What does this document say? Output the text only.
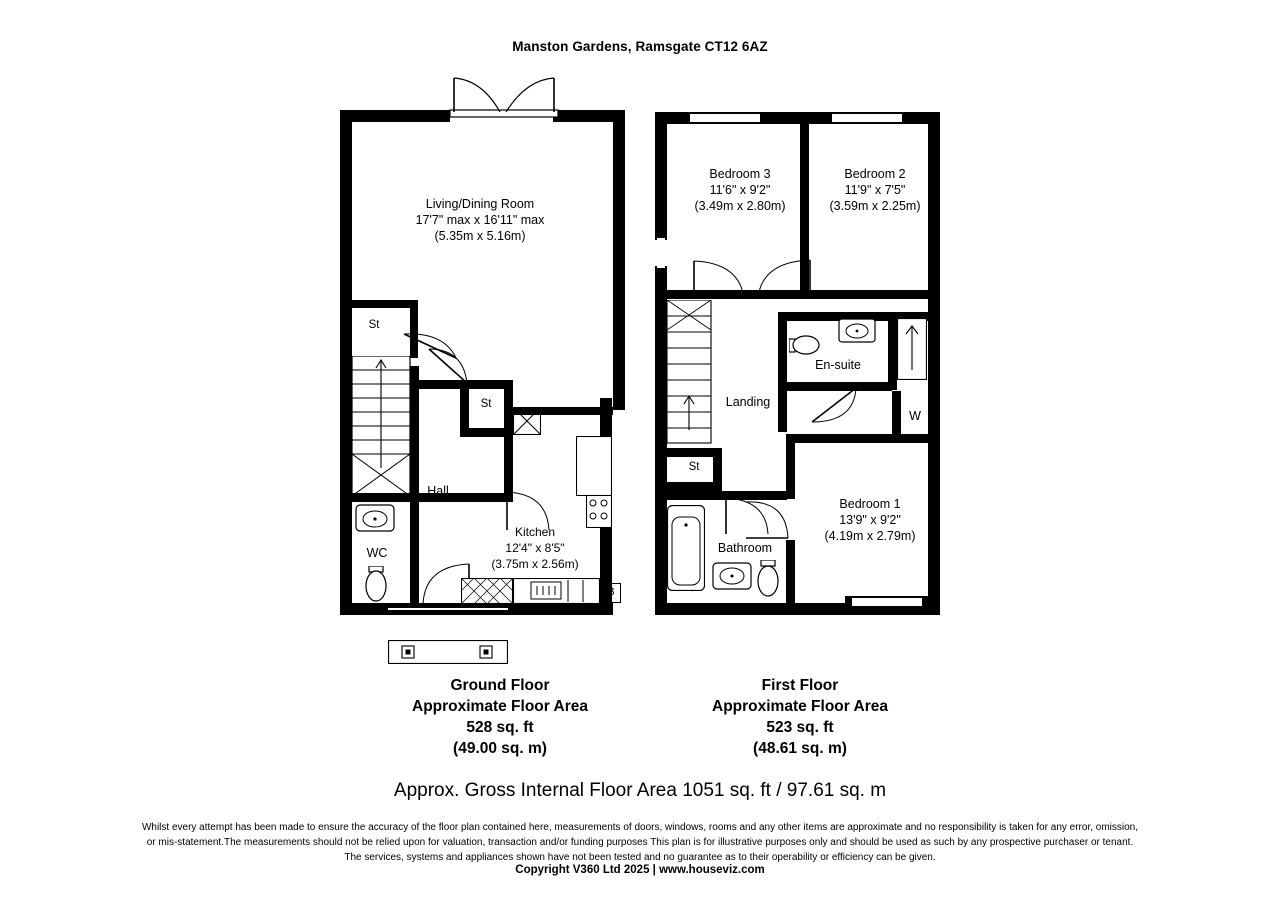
Manston Gardens, Ramsgate CT12 6AZ
Living/Dining Room
17'7" max x 16'11" max
(5.35m x 5.16m)
St
St
Hall
WC
Kitchen
12'4" x 8'5"
(3.75m x 2.56m)
B
Ground Floor
Approximate Floor Area
528 sq. ft
(49.00 sq. m)
Bedroom 3
11'6" x 9'2"
(3.49m x 2.80m)
Bedroom 2
11'9" x 7'5"
(3.59m x 2.25m)
Landing
En-suite
W
Bedroom 1
13'9" x 9'2"
(4.19m x 2.79m)
St
Bathroom
First Floor
Approximate Floor Area
523 sq. ft
(48.61 sq. m)
Approx. Gross Internal Floor Area 1051 sq. ft / 97.61 sq. m
Whilst every attempt has been made to ensure the accuracy of the floor plan contained here, measurements of doors, windows, rooms and any other items are approximate and no responsibility is taken for any error, omission,
or mis-statement.The measurements should not be relied upon for valuation, transaction and/or funding purposes This plan is for illustrative purposes only and should be used as such by any prospective purchaser or tenant.
The services, systems and appliances shown have not been tested and no guarantee as to their operability or efficiency can be given.
Copyright V360 Ltd 2025 | www.houseviz.com
